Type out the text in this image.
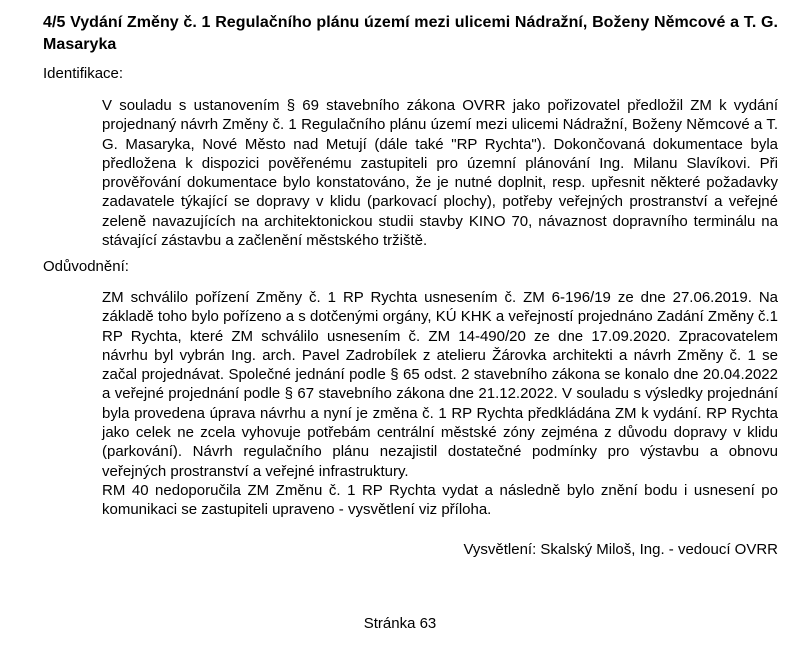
4/5 Vydání Změny č. 1 Regulačního plánu území mezi ulicemi Nádražní, Boženy Němcové a T. G. Masaryka
Identifikace:

V souladu s ustanovením § 69 stavebního zákona OVRR jako pořizovatel předložil ZM k vydání projednaný návrh Změny č. 1 Regulačního plánu území mezi ulicemi Nádražní, Boženy Němcové a T. G. Masaryka, Nové Město nad Metují (dále také "RP Rychta"). Dokončovaná dokumentace byla předložena k dispozici pověřenému zastupiteli pro územní plánování Ing. Milanu Slavíkovi. Při prověřování dokumentace bylo konstatováno, že je nutné doplnit, resp. upřesnit některé požadavky zadavatele týkající se dopravy v klidu (parkovací plochy), potřeby veřejných prostranství a veřejné zeleně navazujících na architektonickou studii stavby KINO 70, návaznost dopravního terminálu na stávající zástavbu a začlenění městského tržiště.

Odůvodnění:

ZM schválilo pořízení Změny č. 1 RP Rychta usnesením č. ZM 6-196/19 ze dne 27.06.2019. Na základě toho bylo pořízeno a s dotčenými orgány, KÚ KHK a veřejností projednáno Zadání Změny č.1 RP Rychta, které ZM schválilo usnesením č. ZM 14-490/20 ze dne 17.09.2020. Zpracovatelem návrhu byl vybrán Ing. arch. Pavel Zadrobílek z atelieru Žárovka architekti a návrh Změny č. 1 se začal projednávat. Společné jednání podle § 65 odst. 2 stavebního zákona se konalo dne 20.04.2022 a veřejné projednání podle § 67 stavebního zákona dne 21.12.2022. V souladu s výsledky projednání byla provedena úprava návrhu a nyní je změna č. 1 RP Rychta předkládána ZM k vydání. RP Rychta jako celek ne zcela vyhovuje potřebám centrální městské zóny zejména z důvodu dopravy v klidu (parkování). Návrh regulačního plánu nezajistil dostatečné podmínky pro výstavbu a obnovu veřejných prostranství a veřejné infrastruktury.

RM 40 nedoporučila ZM Změnu č. 1 RP Rychta vydat a následně bylo znění bodu i usnesení po komunikaci se zastupiteli upraveno - vysvětlení viz příloha.

Vysvětlení: Skalský Miloš, Ing. - vedoucí OVRR
Stránka 63
